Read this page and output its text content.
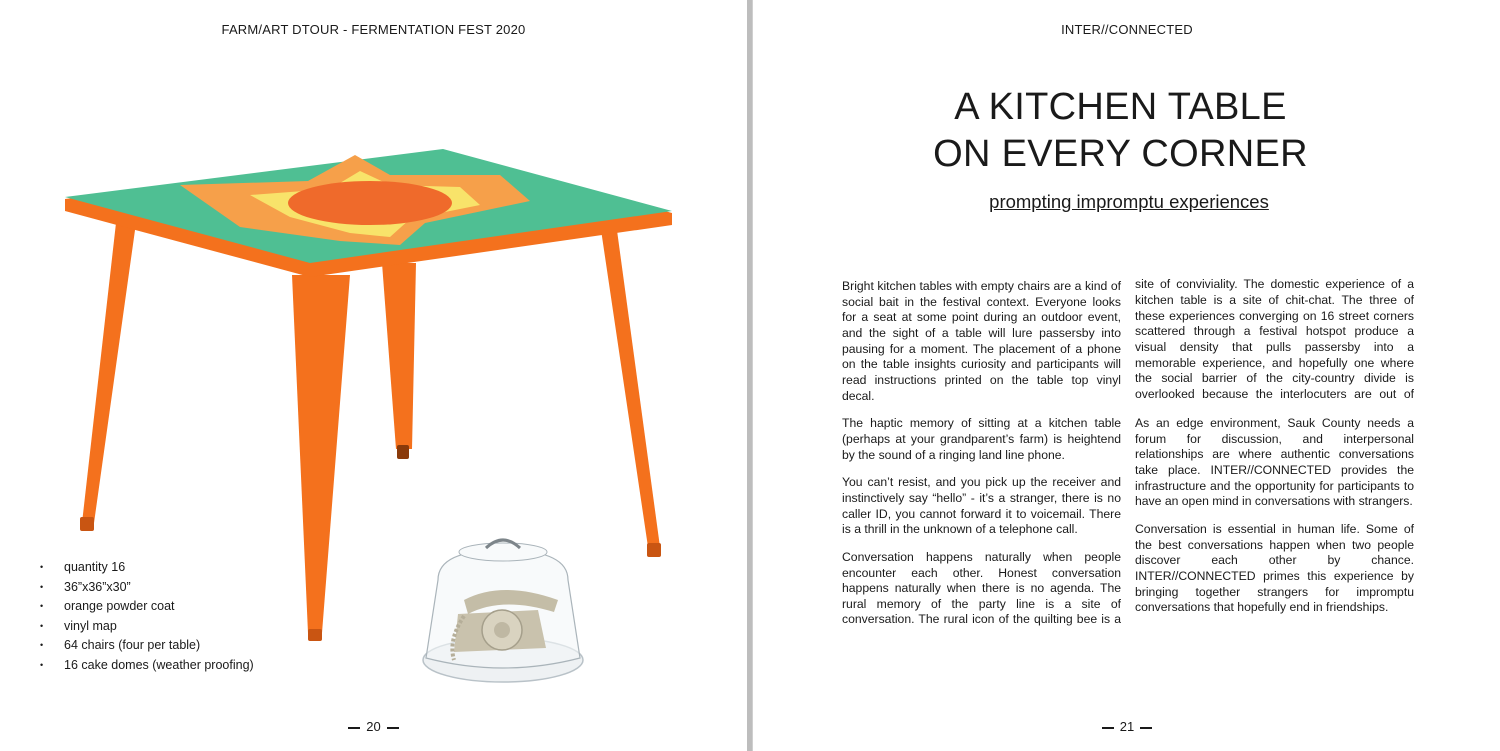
FARM/ART DTOUR - FERMENTATION FEST 2020
• quantity 16
• 36”x36”x30”
• orange powder coat
• vinyl map
• 64 chairs (four per table)
• 16 cake domes (weather proofing)
20
INTER//CONNECTED
A KITCHEN TABLE
ON EVERY CORNER
prompting impromptu experiences

Bright kitchen tables with empty chairs are a kind of social bait in the festival context. Everyone looks for a seat at some point during an outdoor event, and the sight of a table will lure passersby into pausing for a moment. The placement of a phone on the table insights curiosity and participants will read instructions printed on the table top vinyl decal.

The haptic memory of sitting at a kitchen table (perhaps at your grandparent’s farm) is heightend by the sound of a ringing land line phone.

You can’t resist, and you pick up the receiver and instinctively say “hello” - it’s a stranger, there is no caller ID, you cannot forward it to voicemail. There is a thrill in the unknown of a telephone call.

Conversation happens naturally when people encounter each other. Honest conversation happens naturally when there is no agenda. The rural memory of the party line is a site of conversation. The rural icon of the quilting bee is a

site of conviviality. The domestic experience of a kitchen table is a site of chit-chat. The three of these experiences converging on 16 street corners scattered through a festival hotspot produce a visual density that pulls passersby into a memorable experience, and hopefully one where the social barrier of the city-country divide is overlooked because the interlocuters are out of

As an edge environment, Sauk County needs a forum for discussion, and interpersonal relationships are where authentic conversations take place. INTER//CONNECTED provides the infrastructure and the opportunity for participants to have an open mind in conversations with strangers.

Conversation is essential in human life. Some of the best conversations happen when two people discover each other by chance. INTER//CONNECTED primes this experience by bringing together strangers for impromptu conversations that hopefully end in friendships.

21
